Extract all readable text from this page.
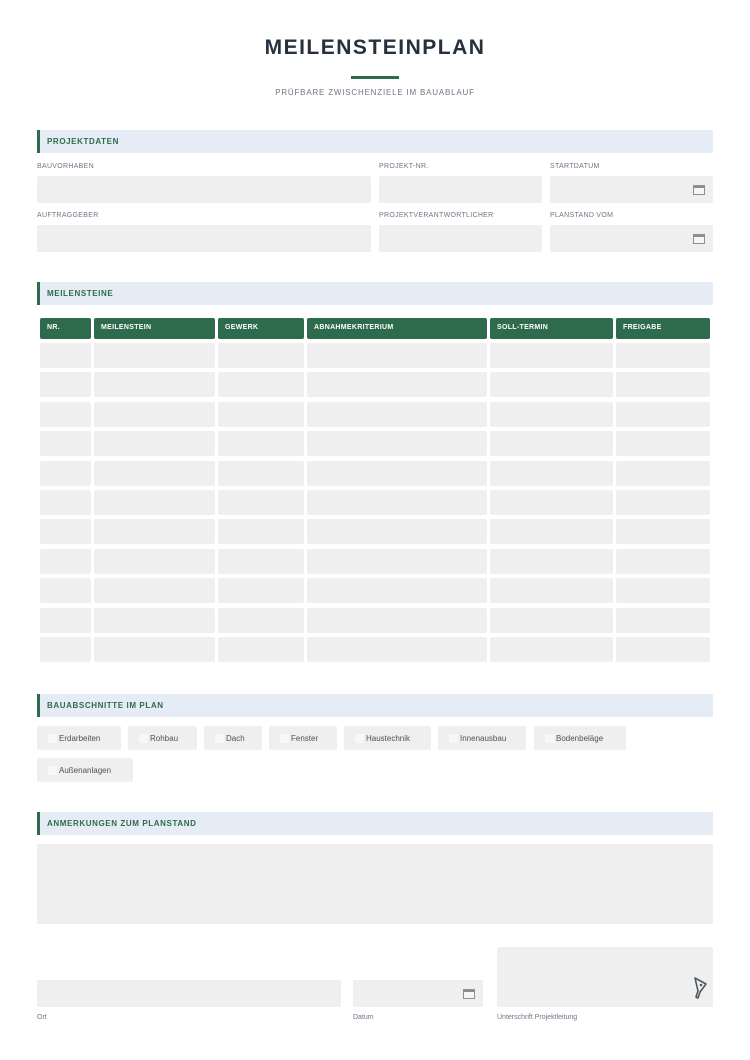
MEILENSTEINPLAN
PRÜFBARE ZWISCHENZIELE IM BAUABLAUF
PROJEKTDATEN
BAUVORHABEN	PROJEKT-NR.	STARTDATUM
AUFTRAGGEBER	PROJEKTVERANTWORTLICHER	PLANSTAND VOM
MEILENSTEINE
NR.	MEILENSTEIN	GEWERK	ABNAHMEKRITERIUM	SOLL-TERMIN	FREIGABE
BAUABSCHNITTE IM PLAN
Erdarbeiten	Rohbau	Dach	Fenster	Haustechnik	Innenausbau	Bodenbeläge
Außenanlagen
ANMERKUNGEN ZUM PLANSTAND
Ort	Datum	Unterschrift Projektleitung
